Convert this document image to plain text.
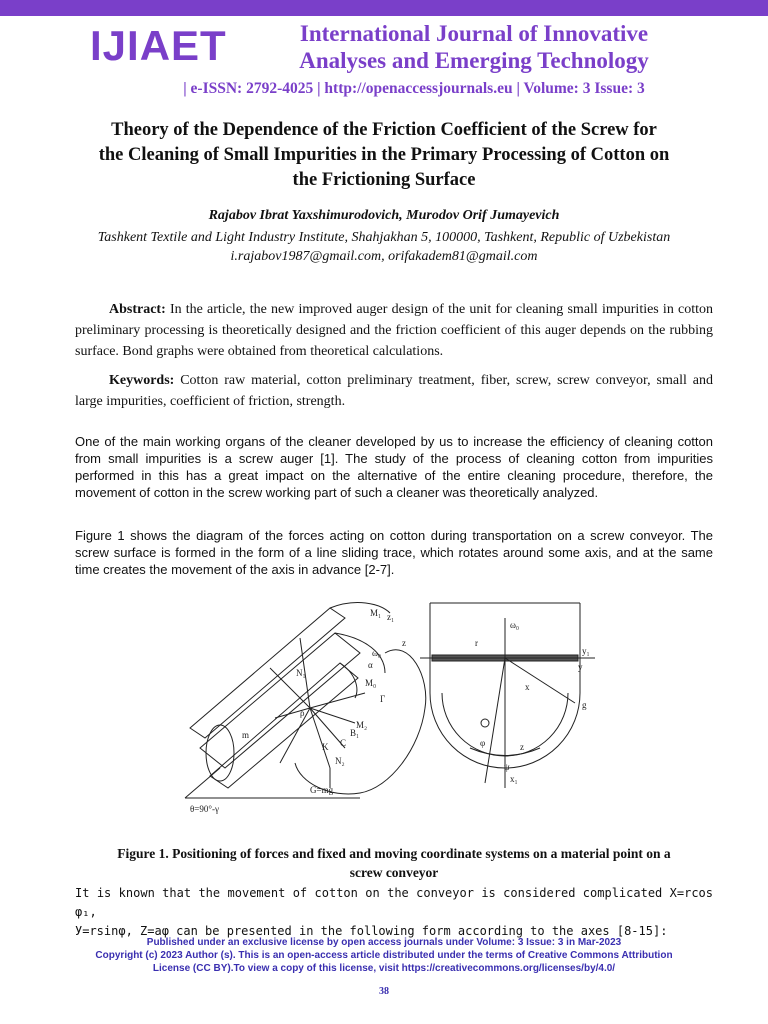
IJIAET	International Journal of Innovative
Analyses and Emerging Technology
| e-ISSN: 2792-4025 | http://openaccessjournals.eu | Volume: 3 Issue: 3
Theory of the Dependence of the Friction Coefficient of the Screw for
the Cleaning of Small Impurities in the Primary Processing of Cotton on
the Frictioning Surface
Rajabov Ibrat Yaxshimurodovich, Murodov Orif Jumayevich
Tashkent Textile and Light Industry Institute, Shahjakhan 5, 100000, Tashkent, Republic of Uzbekistan
i.rajabov1987@gmail.com, orifakadem81@gmail.com
Abstract: In the article, the new improved auger design of the unit for cleaning small impurities in cotton preliminary processing is theoretically designed and the friction coefficient of this auger depends on the rubbing surface. Bond graphs were obtained from theoretical calculations.
Keywords: Cotton raw material, cotton preliminary treatment, fiber, screw, screw conveyor, small and large impurities, coefficient of friction, strength.
One of the main working organs of the cleaner developed by us to increase the efficiency of cleaning cotton from small impurities is a screw auger [1]. The study of the process of cleaning cotton from impurities performed in this has a great impact on the alternative of the entire cleaning procedure, therefore, the movement of cotton in the screw working part of such a cleaner was theoretically analyzed.
Figure 1 shows the diagram of the forces acting on cotton during transportation on a screw conveyor. The screw surface is formed in the form of a line sliding trace, which rotates around some axis, and at the same time creates the movement of the axis in advance [2-7].
M₁ z₁
z
ω₀
α
ρ
M₀
Γ
N₁
N₂
B₁
M₂
m
K C
G=mg
θ=90°-γ
r
ω₀
y
y₁
x
x₁
g
φ
ψ
z
Figure 1. Positioning of forces and fixed and moving coordinate systems on a material point on a
screw conveyor
It is known that the movement of cotton on the conveyor is considered complicated X=rcos φ₁,
У=rsinφ, Z=aφ can be presented in the following form according to the axes [8-15]:
Published under an exclusive license by open access journals under Volume: 3 Issue: 3 in Mar-2023
Copyright (c) 2023 Author (s). This is an open-access article distributed under the terms of Creative Commons Attribution
License (CC BY).To view a copy of this license, visit https://creativecommons.org/licenses/by/4.0/
38
